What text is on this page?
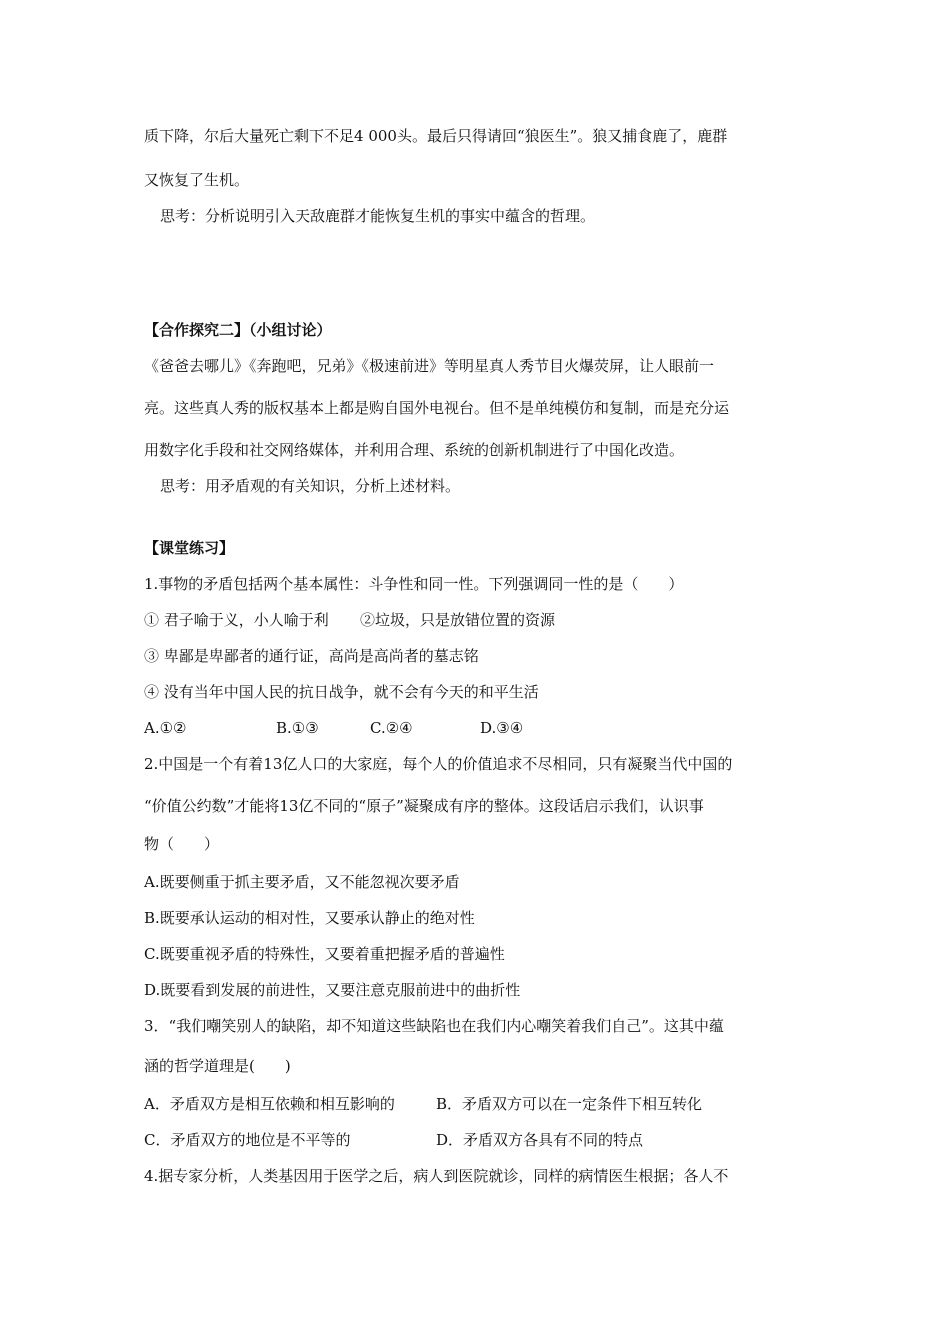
质下降，尔后大量死亡剩下不足4 000头。最后只得请回“狼医生”。狼又捕食鹿了，鹿群
又恢复了生机。
思考：分析说明引入天敌鹿群才能恢复生机的事实中蕴含的哲理。
【合作探究二】（小组讨论）
《爸爸去哪儿》《奔跑吧，兄弟》《极速前进》等明星真人秀节目火爆荧屏，让人眼前一
亮。这些真人秀的版权基本上都是购自国外电视台。但不是单纯模仿和复制，而是充分运
用数字化手段和社交网络媒体，并利用合理、系统的创新机制进行了中国化改造。
思考：用矛盾观的有关知识，分析上述材料。
【课堂练习】
1.事物的矛盾包括两个基本属性：斗争性和同一性。下列强调同一性的是（　　）
① 君子喻于义，小人喻于利 ②垃圾，只是放错位置的资源
③ 卑鄙是卑鄙者的通行证，高尚是高尚者的墓志铭
④ 没有当年中国人民的抗日战争，就不会有今天的和平生活
A.①②	B.①③	C.②④	D.③④
2.中国是一个有着13亿人口的大家庭，每个人的价值追求不尽相同，只有凝聚当代中国的
“价值公约数”才能将13亿不同的“原子”凝聚成有序的整体。这段话启示我们，认识事
物（　　）
A.既要侧重于抓主要矛盾，又不能忽视次要矛盾
B.既要承认运动的相对性，又要承认静止的绝对性
C.既要重视矛盾的特殊性，又要着重把握矛盾的普遍性
D.既要看到发展的前进性，又要注意克服前进中的曲折性
3．“我们嘲笑别人的缺陷，却不知道这些缺陷也在我们内心嘲笑着我们自己”。这其中蕴
涵的哲学道理是(　　)
A．矛盾双方是相互依赖和相互影响的	B．矛盾双方可以在一定条件下相互转化
C．矛盾双方的地位是不平等的	D．矛盾双方各具有不同的特点
4.据专家分析，人类基因用于医学之后，病人到医院就诊，同样的病情医生根据；各人不
